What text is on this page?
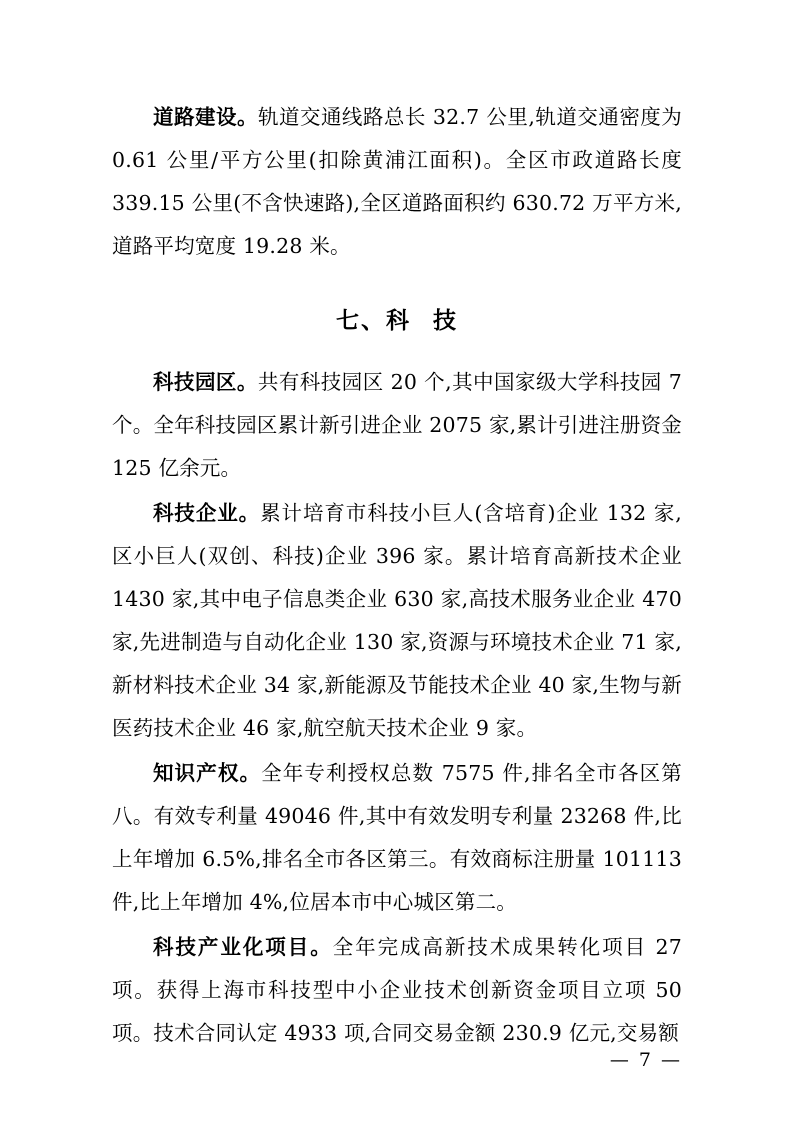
道路建设。轨道交通线路总长 32.7 公里,轨道交通密度为 0.61 公里/平方公里(扣除黄浦江面积)。全区市政道路长度 339.15 公里(不含快速路),全区道路面积约 630.72 万平方米,道路平均宽度 19.28 米。

七、科 技

科技园区。共有科技园区 20 个,其中国家级大学科技园 7 个。全年科技园区累计新引进企业 2075 家,累计引进注册资金 125 亿余元。

科技企业。累计培育市科技小巨人(含培育)企业 132 家,区小巨人(双创、科技)企业 396 家。累计培育高新技术企业 1430 家,其中电子信息类企业 630 家,高技术服务业企业 470 家,先进制造与自动化企业 130 家,资源与环境技术企业 71 家,新材料技术企业 34 家,新能源及节能技术企业 40 家,生物与新医药技术企业 46 家,航空航天技术企业 9 家。

知识产权。全年专利授权总数 7575 件,排名全市各区第八。有效专利量 49046 件,其中有效发明专利量 23268 件,比上年增加 6.5%,排名全市各区第三。有效商标注册量 101113 件,比上年增加 4%,位居本市中心城区第二。

科技产业化项目。全年完成高新技术成果转化项目 27 项。获得上海市科技型中小企业技术创新资金项目立项 50 项。技术合同认定 4933 项,合同交易金额 230.9 亿元,交易额

— 7 —
